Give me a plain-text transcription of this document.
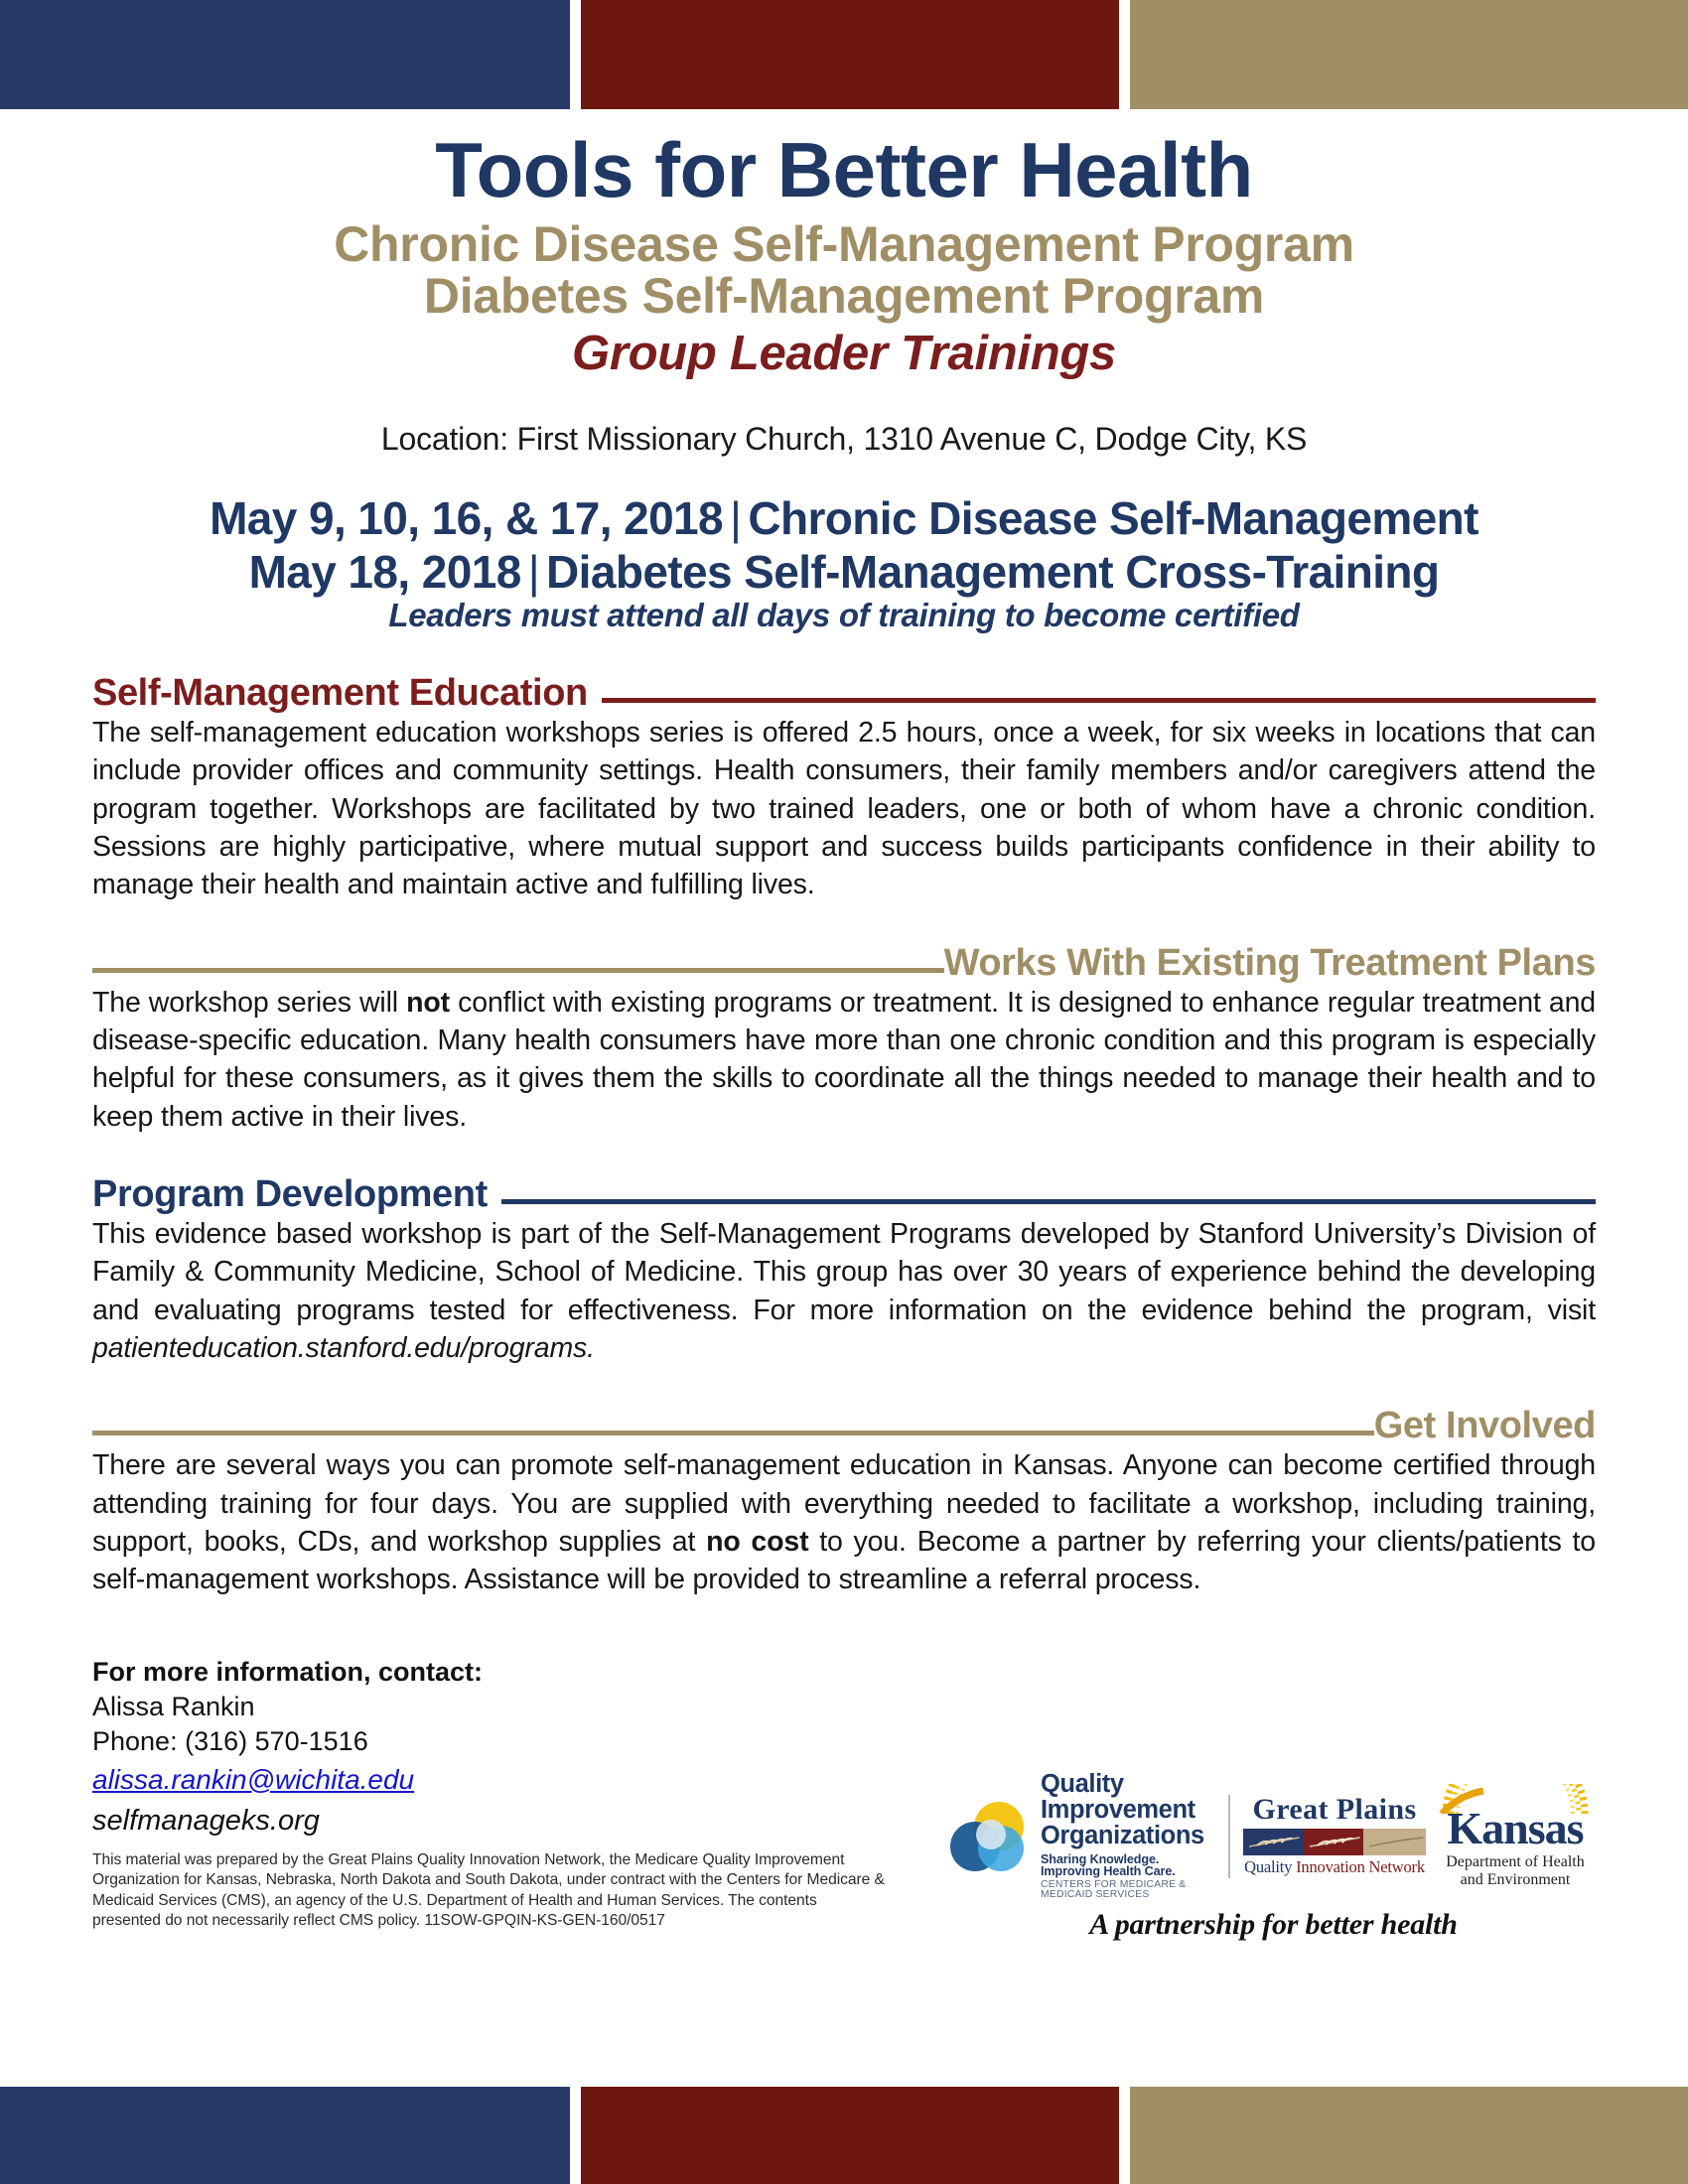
Tools for Better Health
Chronic Disease Self-Management Program
Diabetes Self-Management Program
Group Leader Trainings
Location: First Missionary Church, 1310 Avenue C, Dodge City, KS
May 9, 10, 16, & 17, 2018 | Chronic Disease Self-Management
May 18, 2018 | Diabetes Self-Management Cross-Training
Leaders must attend all days of training to become certified
Self-Management Education

The self-management education workshops series is offered 2.5 hours, once a week, for six weeks in locations that can include provider offices and community settings. Health consumers, their family members and/or caregivers attend the program together. Workshops are facilitated by two trained leaders, one or both of whom have a chronic condition. Sessions are highly participative, where mutual support and success builds participants confidence in their ability to manage their health and maintain active and fulfilling lives.

Works With Existing Treatment Plans

The workshop series will not conflict with existing programs or treatment. It is designed to enhance regular treatment and disease-specific education. Many health consumers have more than one chronic condition and this program is especially helpful for these consumers, as it gives them the skills to coordinate all the things needed to manage their health and to keep them active in their lives.

Program Development

This evidence based workshop is part of the Self-Management Programs developed by Stanford University’s Division of Family & Community Medicine, School of Medicine. This group has over 30 years of experience behind the developing and evaluating programs tested for effectiveness. For more information on the evidence behind the program, visit patienteducation.stanford.edu/programs.

Get Involved

There are several ways you can promote self-management education in Kansas. Anyone can become certified through attending training for four days. You are supplied with everything needed to facilitate a workshop, including training, support, books, CDs, and workshop supplies at no cost to you. Become a partner by referring your clients/patients to self-management workshops. Assistance will be provided to streamline a referral process.

For more information, contact:
Alissa Rankin
Phone: (316) 570-1516
alissa.rankin@wichita.edu
selfmanageks.org
This material was prepared by the Great Plains Quality Innovation Network, the Medicare Quality Improvement Organization for Kansas, Nebraska, North Dakota and South Dakota, under contract with the Centers for Medicare & Medicaid Services (CMS), an agency of the U.S. Department of Health and Human Services. The contents presented do not necessarily reflect CMS policy. 11SOW-GPQIN-KS-GEN-160/0517
Quality Improvement
Organizations
Sharing Knowledge. Improving Health Care.
CENTERS FOR MEDICARE & MEDICAID SERVICES
Great Plains
Quality Innovation Network
Kansas
Department of Health
and Environment
A partnership for better health
